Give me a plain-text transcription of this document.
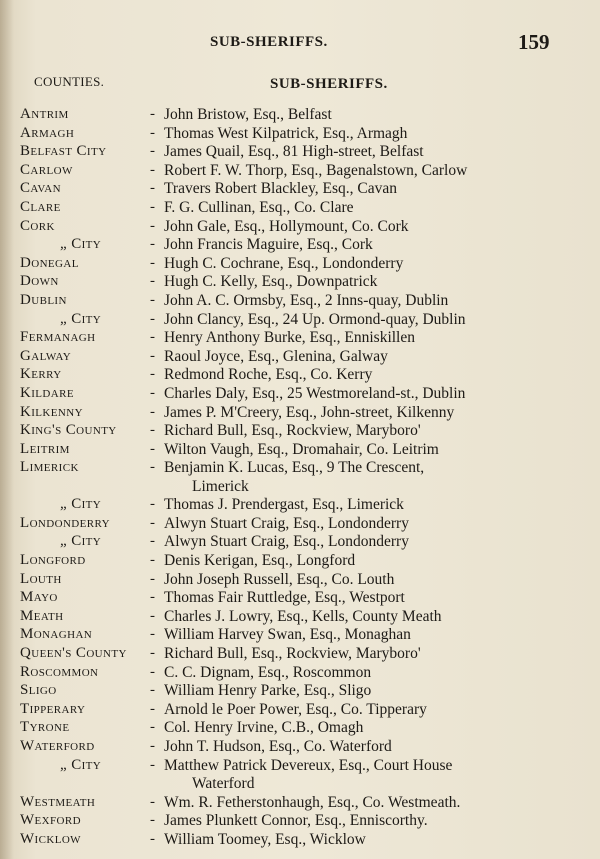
SUB-SHERIFFS.	159
COUNTIES.	SUB-SHERIFFS.
Antrim	- John Bristow, Esq., Belfast
Armagh	- Thomas West Kilpatrick, Esq., Armagh
Belfast City	- James Quail, Esq., 81 High-street, Belfast
Carlow	- Robert F. W. Thorp, Esq., Bagenalstown, Carlow
Cavan	- Travers Robert Blackley, Esq., Cavan
Clare	- F. G. Cullinan, Esq., Co. Clare
Cork	- John Gale, Esq., Hollymount, Co. Cork
„ City	- John Francis Maguire, Esq., Cork
Donegal	- Hugh C. Cochrane, Esq., Londonderry
Down	- Hugh C. Kelly, Esq., Downpatrick
Dublin	- John A. C. Ormsby, Esq., 2 Inns-quay, Dublin
„ City	- John Clancy, Esq., 24 Up. Ormond-quay, Dublin
Fermanagh	- Henry Anthony Burke, Esq., Enniskillen
Galway	- Raoul Joyce, Esq., Glenina, Galway
Kerry	- Redmond Roche, Esq., Co. Kerry
Kildare	- Charles Daly, Esq., 25 Westmoreland-st., Dublin
Kilkenny	- James P. M'Creery, Esq., John-street, Kilkenny
King's County - Richard Bull, Esq., Rockview, Maryboro'
Leitrim	- Wilton Vaugh, Esq., Dromahair, Co. Leitrim
Limerick	- Benjamin K. Lucas, Esq., 9 The Crescent,
Limerick
„ City	- Thomas J. Prendergast, Esq., Limerick
Londonderry	- Alwyn Stuart Craig, Esq., Londonderry
„ City	- Alwyn Stuart Craig, Esq., Londonderry
Longford	- Denis Kerigan, Esq., Longford
Louth	- John Joseph Russell, Esq., Co. Louth
Mayo	- Thomas Fair Ruttledge, Esq., Westport
Meath	- Charles J. Lowry, Esq., Kells, County Meath
Monaghan	- William Harvey Swan, Esq., Monaghan
Queen's County - Richard Bull, Esq., Rockview, Maryboro'
Roscommon	- C. C. Dignam, Esq., Roscommon
Sligo	- William Henry Parke, Esq., Sligo
Tipperary	- Arnold le Poer Power, Esq., Co. Tipperary
Tyrone	- Col. Henry Irvine, C.B., Omagh
Waterford	- John T. Hudson, Esq., Co. Waterford
„ City	- Matthew Patrick Devereux, Esq., Court House
Waterford
Westmeath	- Wm. R. Fetherstonhaugh, Esq., Co. Westmeath.
Wexford	- James Plunkett Connor, Esq., Enniscorthy.
Wicklow	- William Toomey, Esq., Wicklow
